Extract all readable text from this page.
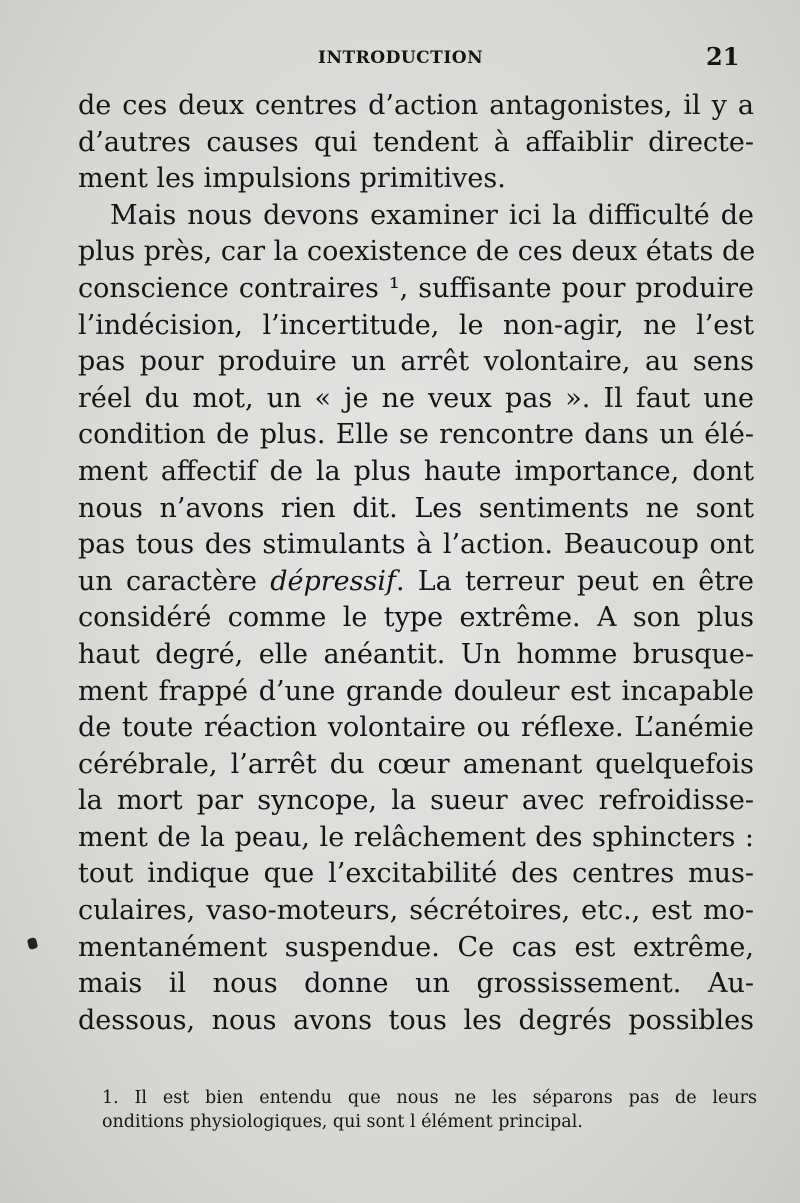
INTRODUCTION	21
de ces deux centres d’action antagonistes, il y a
d’autres causes qui tendent à affaiblir directe-
ment les impulsions primitives.
Mais nous devons examiner ici la difficulté de
plus près, car la coexistence de ces deux états de
conscience contraires ¹, suffisante pour produire
l’indécision, l’incertitude, le non-agir, ne l’est
pas pour produire un arrêt volontaire, au sens
réel du mot, un « je ne veux pas ». Il faut une
condition de plus. Elle se rencontre dans un élé-
ment affectif de la plus haute importance, dont
nous n’avons rien dit. Les sentiments ne sont
pas tous des stimulants à l’action. Beaucoup ont
un caractère dépressif. La terreur peut en être
considéré comme le type extrême. A son plus
haut degré, elle anéantit. Un homme brusque-
ment frappé d’une grande douleur est incapable
de toute réaction volontaire ou réflexe. L’anémie
cérébrale, l’arrêt du cœur amenant quelquefois
la mort par syncope, la sueur avec refroidisse-
ment de la peau, le relâchement des sphincters :
tout indique que l’excitabilité des centres mus-
culaires, vaso-moteurs, sécrétoires, etc., est mo-
mentanément suspendue. Ce cas est extrême,
mais il nous donne un grossissement. Au-
dessous, nous avons tous les degrés possibles
1. Il est bien entendu que nous ne les séparons pas de leurs
onditions physiologiques, qui sont l élément principal.
